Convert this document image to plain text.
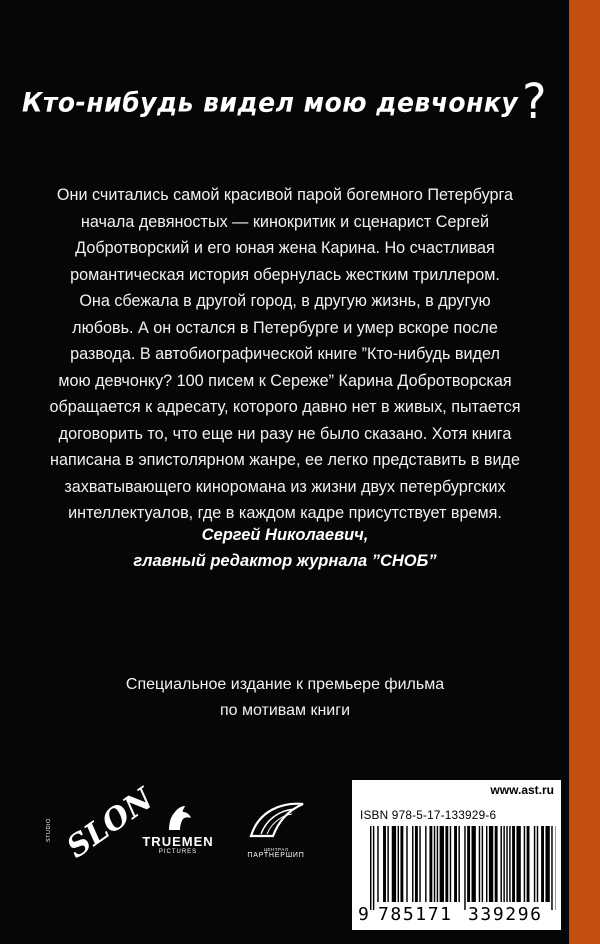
Кто-нибудь видел мою девчонку?
Они считались самой красивой парой богемного Петербурга
начала девяностых — кинокритик и сценарист Сергей
Добротворский и его юная жена Карина. Но счастливая
романтическая история обернулась жестким триллером.
Она сбежала в другой город, в другую жизнь, в другую
любовь. А он остался в Петербурге и умер вскоре после
развода. В автобиографической книге ”Кто-нибудь видел
мою девчонку? 100 писем к Сереже” Карина Добротворская
обращается к адресату, которого давно нет в живых, пытается
договорить то, что еще ни разу не было сказано. Хотя книга
написана в эпистолярном жанре, ее легко представить в виде
захватывающего кинороманa из жизни двух петербургских
интеллектуалов, где в каждом кадре присутствует время.
Сергей Николаевич,
главный редактор журнала ”СНОБ”
Специальное издание к премьере фильма
по мотивам книги
STUDIO SLON
TRUEMEN
PICTURES	ЦЕНТРАЛ
ПАРТНЕРШИП
www.ast.ru
ISBN 978-5-17-133929-6
9 785171 339296
